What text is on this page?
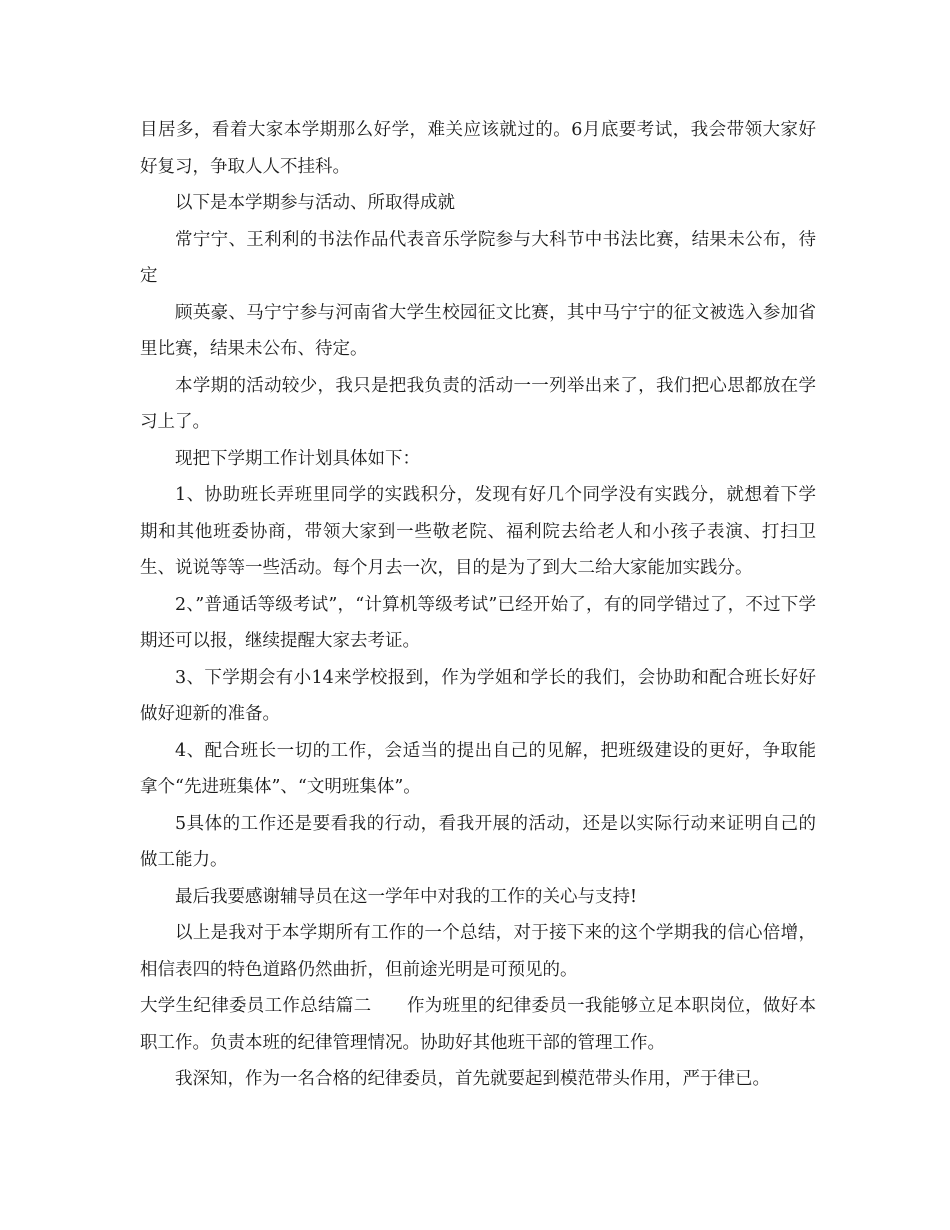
目居多，看着大家本学期那么好学，难关应该就过的。6月底要考试，我会带领大家好好复习，争取人人不挂科。

以下是本学期参与活动、所取得成就

常宁宁、王利利的书法作品代表音乐学院参与大科节中书法比赛，结果未公布，待定

顾英豪、马宁宁参与河南省大学生校园征文比赛，其中马宁宁的征文被选入参加省里比赛，结果未公布、待定。

本学期的活动较少，我只是把我负责的活动一一列举出来了，我们把心思都放在学习上了。

现把下学期工作计划具体如下：

1、协助班长弄班里同学的实践积分，发现有好几个同学没有实践分，就想着下学期和其他班委协商，带领大家到一些敬老院、福利院去给老人和小孩子表演、打扫卫生、说说等等一些活动。每个月去一次，目的是为了到大二给大家能加实践分。

2、”普通话等级考试”，“计算机等级考试”已经开始了，有的同学错过了，不过下学期还可以报，继续提醒大家去考证。

3、下学期会有小14来学校报到，作为学姐和学长的我们，会协助和配合班长好好做好迎新的准备。

4、配合班长一切的工作，会适当的提出自己的见解，把班级建设的更好，争取能拿个“先进班集体”、“文明班集体”。

5具体的工作还是要看我的行动，看我开展的活动，还是以实际行动来证明自己的做工能力。

最后我要感谢辅导员在这一学年中对我的工作的关心与支持!

以上是我对于本学期所有工作的一个总结，对于接下来的这个学期我的信心倍增，相信表四的特色道路仍然曲折，但前途光明是可预见的。

大学生纪律委员工作总结篇二　　作为班里的纪律委员一我能够立足本职岗位，做好本职工作。负责本班的纪律管理情况。协助好其他班干部的管理工作。

我深知，作为一名合格的纪律委员，首先就要起到模范带头作用，严于律已。
